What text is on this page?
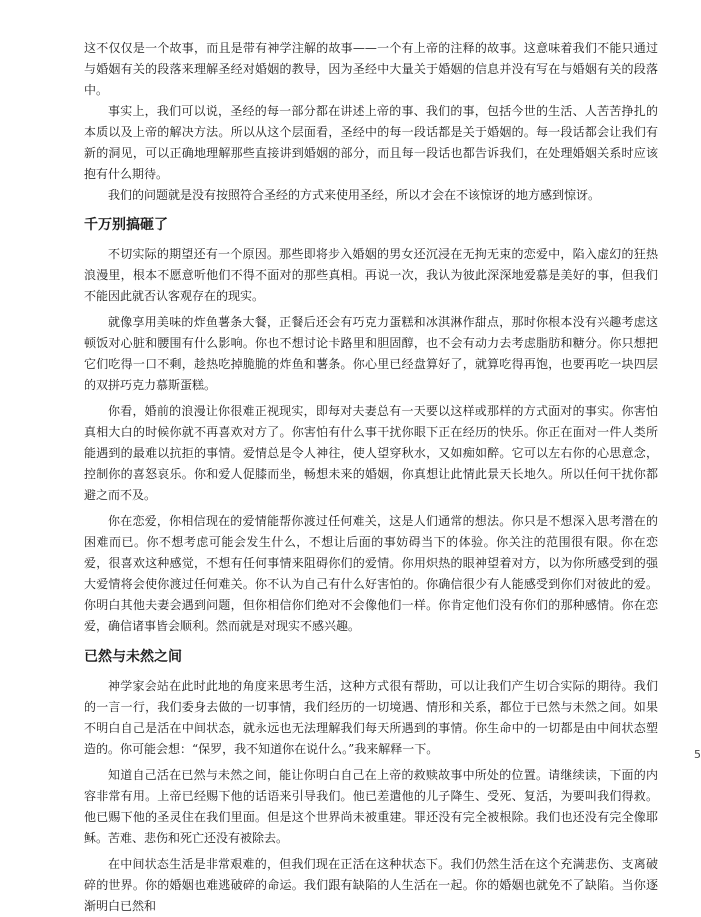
这不仅仅是一个故事，而且是带有神学注解的故事——一个有上帝的注释的故事。这意味着我们不能只通过与婚姻有关的段落来理解圣经对婚姻的教导，因为圣经中大量关于婚姻的信息并没有写在与婚姻有关的段落中。

事实上，我们可以说，圣经的每一部分都在讲述上帝的事、我们的事，包括今世的生活、人苦苦挣扎的本质以及上帝的解决方法。所以从这个层面看，圣经中的每一段话都是关于婚姻的。每一段话都会让我们有新的洞见，可以正确地理解那些直接讲到婚姻的部分，而且每一段话也都告诉我们，在处理婚姻关系时应该抱有什么期待。

我们的问题就是没有按照符合圣经的方式来使用圣经，所以才会在不该惊讶的地方感到惊讶。

千万别搞砸了

不切实际的期望还有一个原因。那些即将步入婚姻的男女还沉浸在无拘无束的恋爱中，陷入虚幻的狂热浪漫里，根本不愿意听他们不得不面对的那些真相。再说一次，我认为彼此深深地爱慕是美好的事，但我们不能因此就否认客观存在的现实。

就像享用美味的炸鱼薯条大餐，正餐后还会有巧克力蛋糕和冰淇淋作甜点，那时你根本没有兴趣考虑这顿饭对心脏和腰围有什么影响。你也不想讨论卡路里和胆固醇，也不会有动力去考虑脂肪和糖分。你只想把它们吃得一口不剩，趁热吃掉脆脆的炸鱼和薯条。你心里已经盘算好了，就算吃得再饱，也要再吃一块四层的双拼巧克力慕斯蛋糕。

你看，婚前的浪漫让你很难正视现实，即每对夫妻总有一天要以这样或那样的方式面对的事实。你害怕真相大白的时候你就不再喜欢对方了。你害怕有什么事干扰你眼下正在经历的快乐。你正在面对一件人类所能遇到的最难以抗拒的事情。爱情总是令人神往，使人望穿秋水，又如痴如醉。它可以左右你的心思意念，控制你的喜怒哀乐。你和爱人促膝而坐，畅想未来的婚姻，你真想让此情此景天长地久。所以任何干扰你都避之而不及。

你在恋爱，你相信现在的爱情能帮你渡过任何难关，这是人们通常的想法。你只是不想深入思考潜在的困难而已。你不想考虑可能会发生什么，不想让后面的事妨碍当下的体验。你关注的范围很有限。你在恋爱，很喜欢这种感觉，不想有任何事情来阻碍你们的爱情。你用炽热的眼神望着对方，以为你所感受到的强大爱情将会使你渡过任何难关。你不认为自己有什么好害怕的。你确信很少有人能感受到你们对彼此的爱。你明白其他夫妻会遇到问题，但你相信你们绝对不会像他们一样。你肯定他们没有你们的那种感情。你在恋爱，确信诸事皆会顺利。然而就是对现实不感兴趣。

已然与未然之间

神学家会站在此时此地的角度来思考生活，这种方式很有帮助，可以让我们产生切合实际的期待。我们的一言一行，我们委身去做的一切事情，我们经历的一切境遇、情形和关系，都位于已然与未然之间。如果不明白自己是活在中间状态，就永远也无法理解我们每天所遇到的事情。你生命中的一切都是由中间状态塑造的。你可能会想：“保罗，我不知道你在说什么。”我来解释一下。

知道自己活在已然与未然之间，能让你明白自己在上帝的救赎故事中所处的位置。请继续读，下面的内容非常有用。上帝已经赐下他的话语来引导我们。他已差遣他的儿子降生、受死、复活，为要叫我们得救。他已赐下他的圣灵住在我们里面。但是这个世界尚未被重建。罪还没有完全被根除。我们也还没有完全像耶稣。苦难、悲伤和死亡还没有被除去。

在中间状态生活是非常艰难的，但我们现在正活在这种状态下。我们仍然生活在这个充满悲伤、支离破碎的世界。你的婚姻也难逃破碎的命运。我们跟有缺陷的人生活在一起。你的婚姻也就免不了缺陷。当你逐渐明白已然和

5
